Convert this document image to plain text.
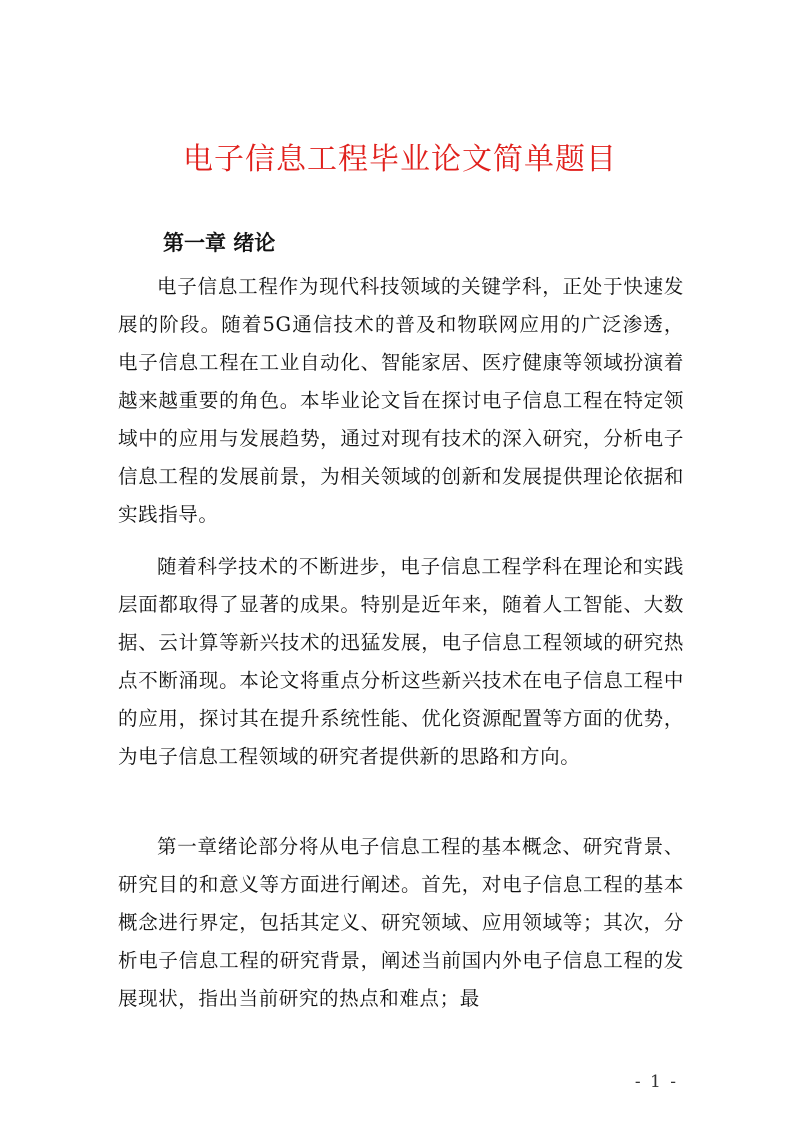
电子信息工程毕业论文简单题目
第一章 绪论

电子信息工程作为现代科技领域的关键学科，正处于快速发展的阶段。随着5G通信技术的普及和物联网应用的广泛渗透，电子信息工程在工业自动化、智能家居、医疗健康等领域扮演着越来越重要的角色。本毕业论文旨在探讨电子信息工程在特定领域中的应用与发展趋势，通过对现有技术的深入研究，分析电子信息工程的发展前景，为相关领域的创新和发展提供理论依据和实践指导。

随着科学技术的不断进步，电子信息工程学科在理论和实践层面都取得了显著的成果。特别是近年来，随着人工智能、大数据、云计算等新兴技术的迅猛发展，电子信息工程领域的研究热点不断涌现。本论文将重点分析这些新兴技术在电子信息工程中的应用，探讨其在提升系统性能、优化资源配置等方面的优势，为电子信息工程领域的研究者提供新的思路和方向。

第一章绪论部分将从电子信息工程的基本概念、研究背景、研究目的和意义等方面进行阐述。首先，对电子信息工程的基本概念进行界定，包括其定义、研究领域、应用领域等；其次，分析电子信息工程的研究背景，阐述当前国内外电子信息工程的发展现状，指出当前研究的热点和难点；最

- 1 -
